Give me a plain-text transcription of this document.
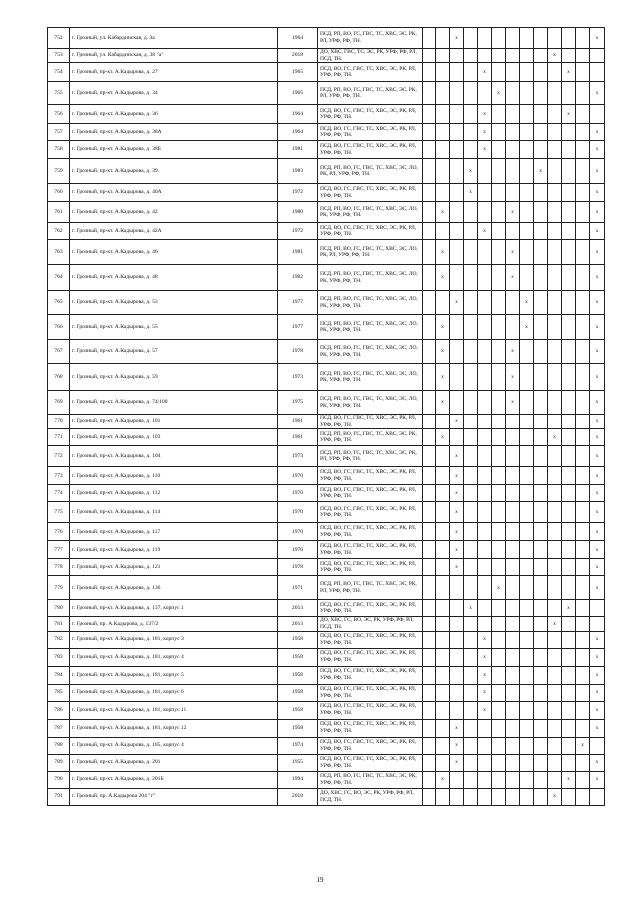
752	г. Грозный, ул. Кабардинская, д. 3а	1964	ПСД, РП, ВО, ГС, ГВС, ТС, ХВС, ЭС, РК, РЛ, УРФ, РФ, ТН.			x										x
753	г. Грозный, ул. Кабардинская, д. 38 "а"	2018	ДО, ХВС, ГВС, ТС, ЭС, РК, УРФ, РФ, РЛ, ПСД, ТН.										x			
754	г. Грозный, пр-кт. А.Кадырова, д. 27	1965	ПСД, ВО, ГС, ГВС, ТС, ХВС, ЭС, РК, РЛ, УРФ, РФ, ТН.					x						x		
755	г. Грозный, пр-кт. А.Кадырова, д. 34	1965	ПСД, РП, ВО, ГС, ГВС, ТС, ХВС, ЭС, РК, РЛ, УРФ, РФ, ТН.						x							x
756	г. Грозный, пр-кт. А.Кадырова, д. 36	1964	ПСД, ВО, ГС, ГВС, ТС, ХВС, ЭС, РК, РЛ, УРФ, РФ, ТН.					x						x		
757	г. Грозный, пр-кт. А.Кадырова, д. 38А	1964	ПСД, ВО, ГС, ГВС, ТС, ХВС, ЭС, РК, РЛ, УРФ, РФ, ТН.					x								x
758	г. Грозный, пр-кт. А.Кадырова, д. 38Б	1981	ПСД, ВО, ГС, ГВС, ТС, ХВС, ЭС, РК, РЛ, УРФ, РФ, ТН.					x								x
759	г. Грозный, пр-кт. А.Кадырова, д. 39	1983	ПСД, РП, ВО, ГС, ГВС, ТС, ХВС, ЭС, ЛО, РК, РЛ, УРФ, РФ, ТН.				x					x				x
760	г. Грозный, пр-кт. А.Кадырова, д. 40А	1972	ПСД, ВО, ГС, ГВС, ТС, ХВС, ЭС, РК, РЛ, УРФ, РФ, ТН.				x									x
761	г. Грозный, пр-кт. А.Кадырова, д. 42	1980	ПСД, РП, ВО, ГС, ГВС, ТС, ХВС, ЭС, ЛО, РК, УРФ, РФ, ТН.		x					x						x
762	г. Грозный, пр-кт. А.Кадырова, д. 42А	1972	ПСД, ВО, ГС, ГВС, ТС, ХВС, ЭС, РК, РЛ, УРФ, РФ, ТН.					x								x
763	г. Грозный, пр-кт. А.Кадырова, д. 46	1981	ПСД, РП, ВО, ГС, ГВС, ТС, ХВС, ЭС, ЛО, РК, РЛ, УРФ, РФ, ТН.		x					x						x
764	г. Грозный, пр-кт. А.Кадырова, д. 48	1982	ПСД, РП, ВО, ГС, ГВС, ТС, ХВС, ЭС, ЛО, РК, УРФ, РФ, ТН.		x					x						x
765	г. Грозный, пр-кт. А.Кадырова, д. 53	1977	ПСД, РП, ВО, ГС, ГВС, ТС, ХВС, ЭС, ЛО, РК, УРФ, РФ, ТН.			x					x					x
766	г. Грозный, пр-кт. А.Кадырова, д. 55	1977	ПСД, РП, ВО, ГС, ГВС, ТС, ХВС, ЭС, ЛО, РК, УРФ, РФ, ТН.		x						x					x
767	г. Грозный, пр-кт. А.Кадырова, д. 57	1978	ПСД, РП, ВО, ГС, ГВС, ТС, ХВС, ЭС, ЛО, РК, УРФ, РФ, ТН.		x					x						x
768	г. Грозный, пр-кт. А.Кадырова, д. 59	1973	ПСД, РП, ВО, ГС, ГВС, ТС, ХВС, ЭС, ЛО, РК, УРФ, РФ, ТН.		x					x						x
769	г. Грозный, пр-кт. А.Кадырова, д. 74/100	1975	ПСД, РП, ВО, ГС, ГВС, ТС, ХВС, ЭС, ЛО, РК, УРФ, РФ, ТН.		x					x						x
770	г. Грозный, пр-кт. А.Кадырова, д. 101	1961	ПСД, ВО, ГС, ГВС, ТС, ХВС, ЭС, РК, РЛ, УРФ, РФ, ТН.			x										x
771	г. Грозный, пр-кт. А.Кадырова, д. 103	1961	ПСД, РП, ВО, ГС, ГВС, ТС, ХВС, ЭС, РК, УРФ, РФ, ТН.		x								x			x
772	г. Грозный, пр-кт. А.Кадырова, д. 104	1973	ПСД, РП, ВО, ГС, ГВС, ТС, ХВС, ЭС, РК, РЛ, УРФ, РФ, ТН.			x										x
773	г. Грозный, пр-кт. А.Кадырова, д. 110	1970	ПСД, ВО, ГС, ГВС, ТС, ХВС, ЭС, РК, РЛ, УРФ, РФ, ТН.			x										x
774	г. Грозный, пр-кт. А.Кадырова, д. 112	1970	ПСД, ВО, ГС, ГВС, ТС, ХВС, ЭС, РК, РЛ, УРФ, РФ, ТН.			x										x
775	г. Грозный, пр-кт. А.Кадырова, д. 114	1970	ПСД, ВО, ГС, ГВС, ТС, ХВС, ЭС, РК, РЛ, УРФ, РФ, ТН.			x										x
776	г. Грозный, пр-кт. А.Кадырова, д. 117	1970	ПСД, ВО, ГС, ГВС, ТС, ХВС, ЭС, РК, РЛ, УРФ, РФ, ТН.			x										x
777	г. Грозный, пр-кт. А.Кадырова, д. 119	1976	ПСД, ВО, ГС, ГВС, ТС, ХВС, ЭС, РК, РЛ, УРФ, РФ, ТН.			x										x
778	г. Грозный, пр-кт. А.Кадырова, д. 121	1978	ПСД, ВО, ГС, ГВС, ТС, ХВС, ЭС, РК, РЛ, УРФ, РФ, ТН.			x										x
779	г. Грозный, пр-кт. А.Кадырова, д. 136	1971	ПСД, РП, ВО, ГС, ГВС, ТС, ХВС, ЭС, РК, РЛ, УРФ, РФ, ТН.						x							x
780	г. Грозный, пр-кт. А.Кадырова, д. 137, корпус 1	2013	ПСД, ВО, ГС, ГВС, ТС, ХВС, ЭС, РК, РЛ, УРФ, РФ, ТН.				x							x		
781	г. Грозный, пр. А.Кадырова, д. 137/2	2013	ДО, ХВС, ГС, ВО, ЭС, РК, УРФ, РФ, РЛ, ПСД, ТН.										x			
782	г. Грозный, пр-кт. А.Кадырова, д. 181, корпус 3	1958	ПСД, ВО, ГС, ГВС, ТС, ХВС, ЭС, РК, РЛ, УРФ, РФ, ТН.					x								x
783	г. Грозный, пр-кт. А.Кадырова, д. 181, корпус 4	1958	ПСД, ВО, ГС, ГВС, ТС, ХВС, ЭС, РК, РЛ, УРФ, РФ, ТН.					x								x
784	г. Грозный, пр-кт. А.Кадырова, д. 181, корпус 5	1958	ПСД, ВО, ГС, ГВС, ТС, ХВС, ЭС, РК, РЛ, УРФ, РФ, ТН.					x								x
785	г. Грозный, пр-кт. А.Кадырова, д. 181, корпус 6	1958	ПСД, ВО, ГС, ГВС, ТС, ХВС, ЭС, РК, РЛ, УРФ, РФ, ТН.					x								x
786	г. Грозный, пр-кт. А.Кадырова, д. 181, корпус 11	1958	ПСД, ВО, ГС, ГВС, ТС, ХВС, ЭС, РК, РЛ, УРФ, РФ, ТН.					x								x
787	г. Грозный, пр-кт. А.Кадырова, д. 181, корпус 12	1958	ПСД, ВО, ГС, ГВС, ТС, ХВС, ЭС, РК, РЛ, УРФ, РФ, ТН.			x										x
788	г. Грозный, пр-кт. А.Кадырова, д. 185, корпус 4	1974	ПСД, ВО, ГС, ГВС, ТС, ХВС, ЭС, РК, РЛ, УРФ, РФ, ТН.			x									x	
789	г. Грозный, пр-кт. А.Кадырова, д. 201	1955	ПСД, ВО, ГС, ГВС, ТС, ХВС, ЭС, РК, РЛ, УРФ, РФ, ТН.			x										x
790	г. Грозный, пр-кт. А.Кадырова, д. 201Б	1994	ПСД, РП, ВО, ГС, ГВС, ТС, ХВС, ЭС, РК, УРФ, РФ, ТН.		x									x		x
791	г. Грозный, пр. А.Кадырова 204 "г"	2018	ДО, ХВС, ГС, ВО, ЭС, РК, УРФ, РФ, РЛ, ПСД, ТН.										x			
19
